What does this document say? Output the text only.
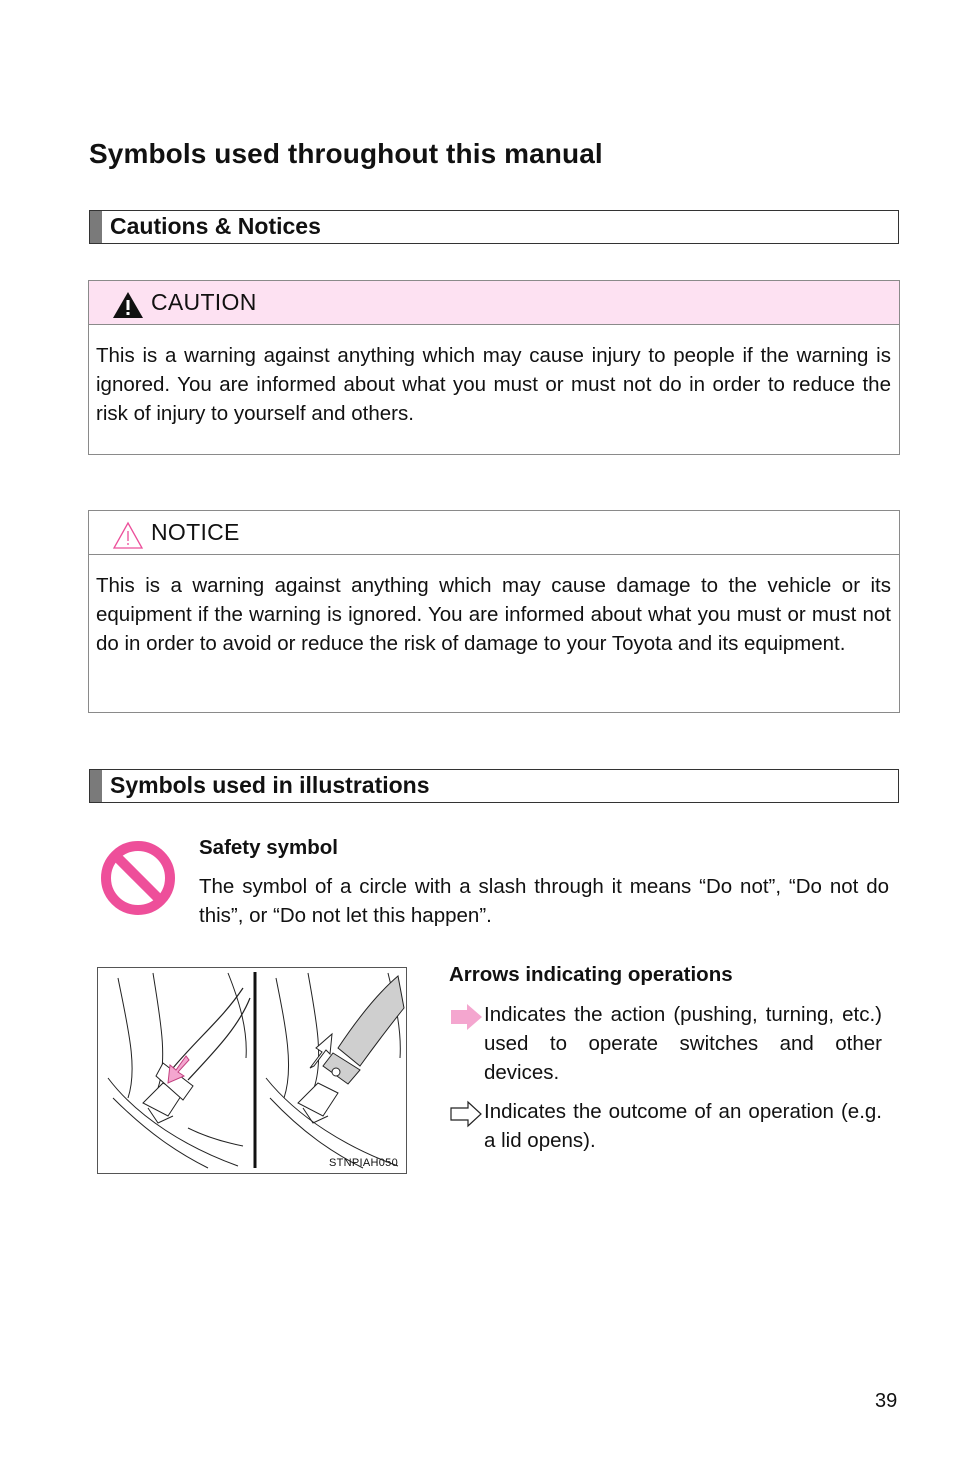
Symbols used throughout this manual
Cautions & Notices
CAUTION
This is a warning against anything which may cause injury to people if the warning is ignored. You are informed about what you must or must not do in order to reduce the risk of injury to yourself and others.
NOTICE
This is a warning against anything which may cause damage to the vehicle or its equipment if the warning is ignored. You are informed about what you must or must not do in order to avoid or reduce the risk of damage to your Toyota and its equipment.
Symbols used in illustrations
Safety symbol
The symbol of a circle with a slash through it means “Do not”, “Do not do this”, or “Do not let this happen”.
STNPIAH050
Arrows indicating operations
Indicates the action (pushing, turning, etc.) used to operate switches and other devices.
Indicates the outcome of an operation (e.g. a lid opens).
39
